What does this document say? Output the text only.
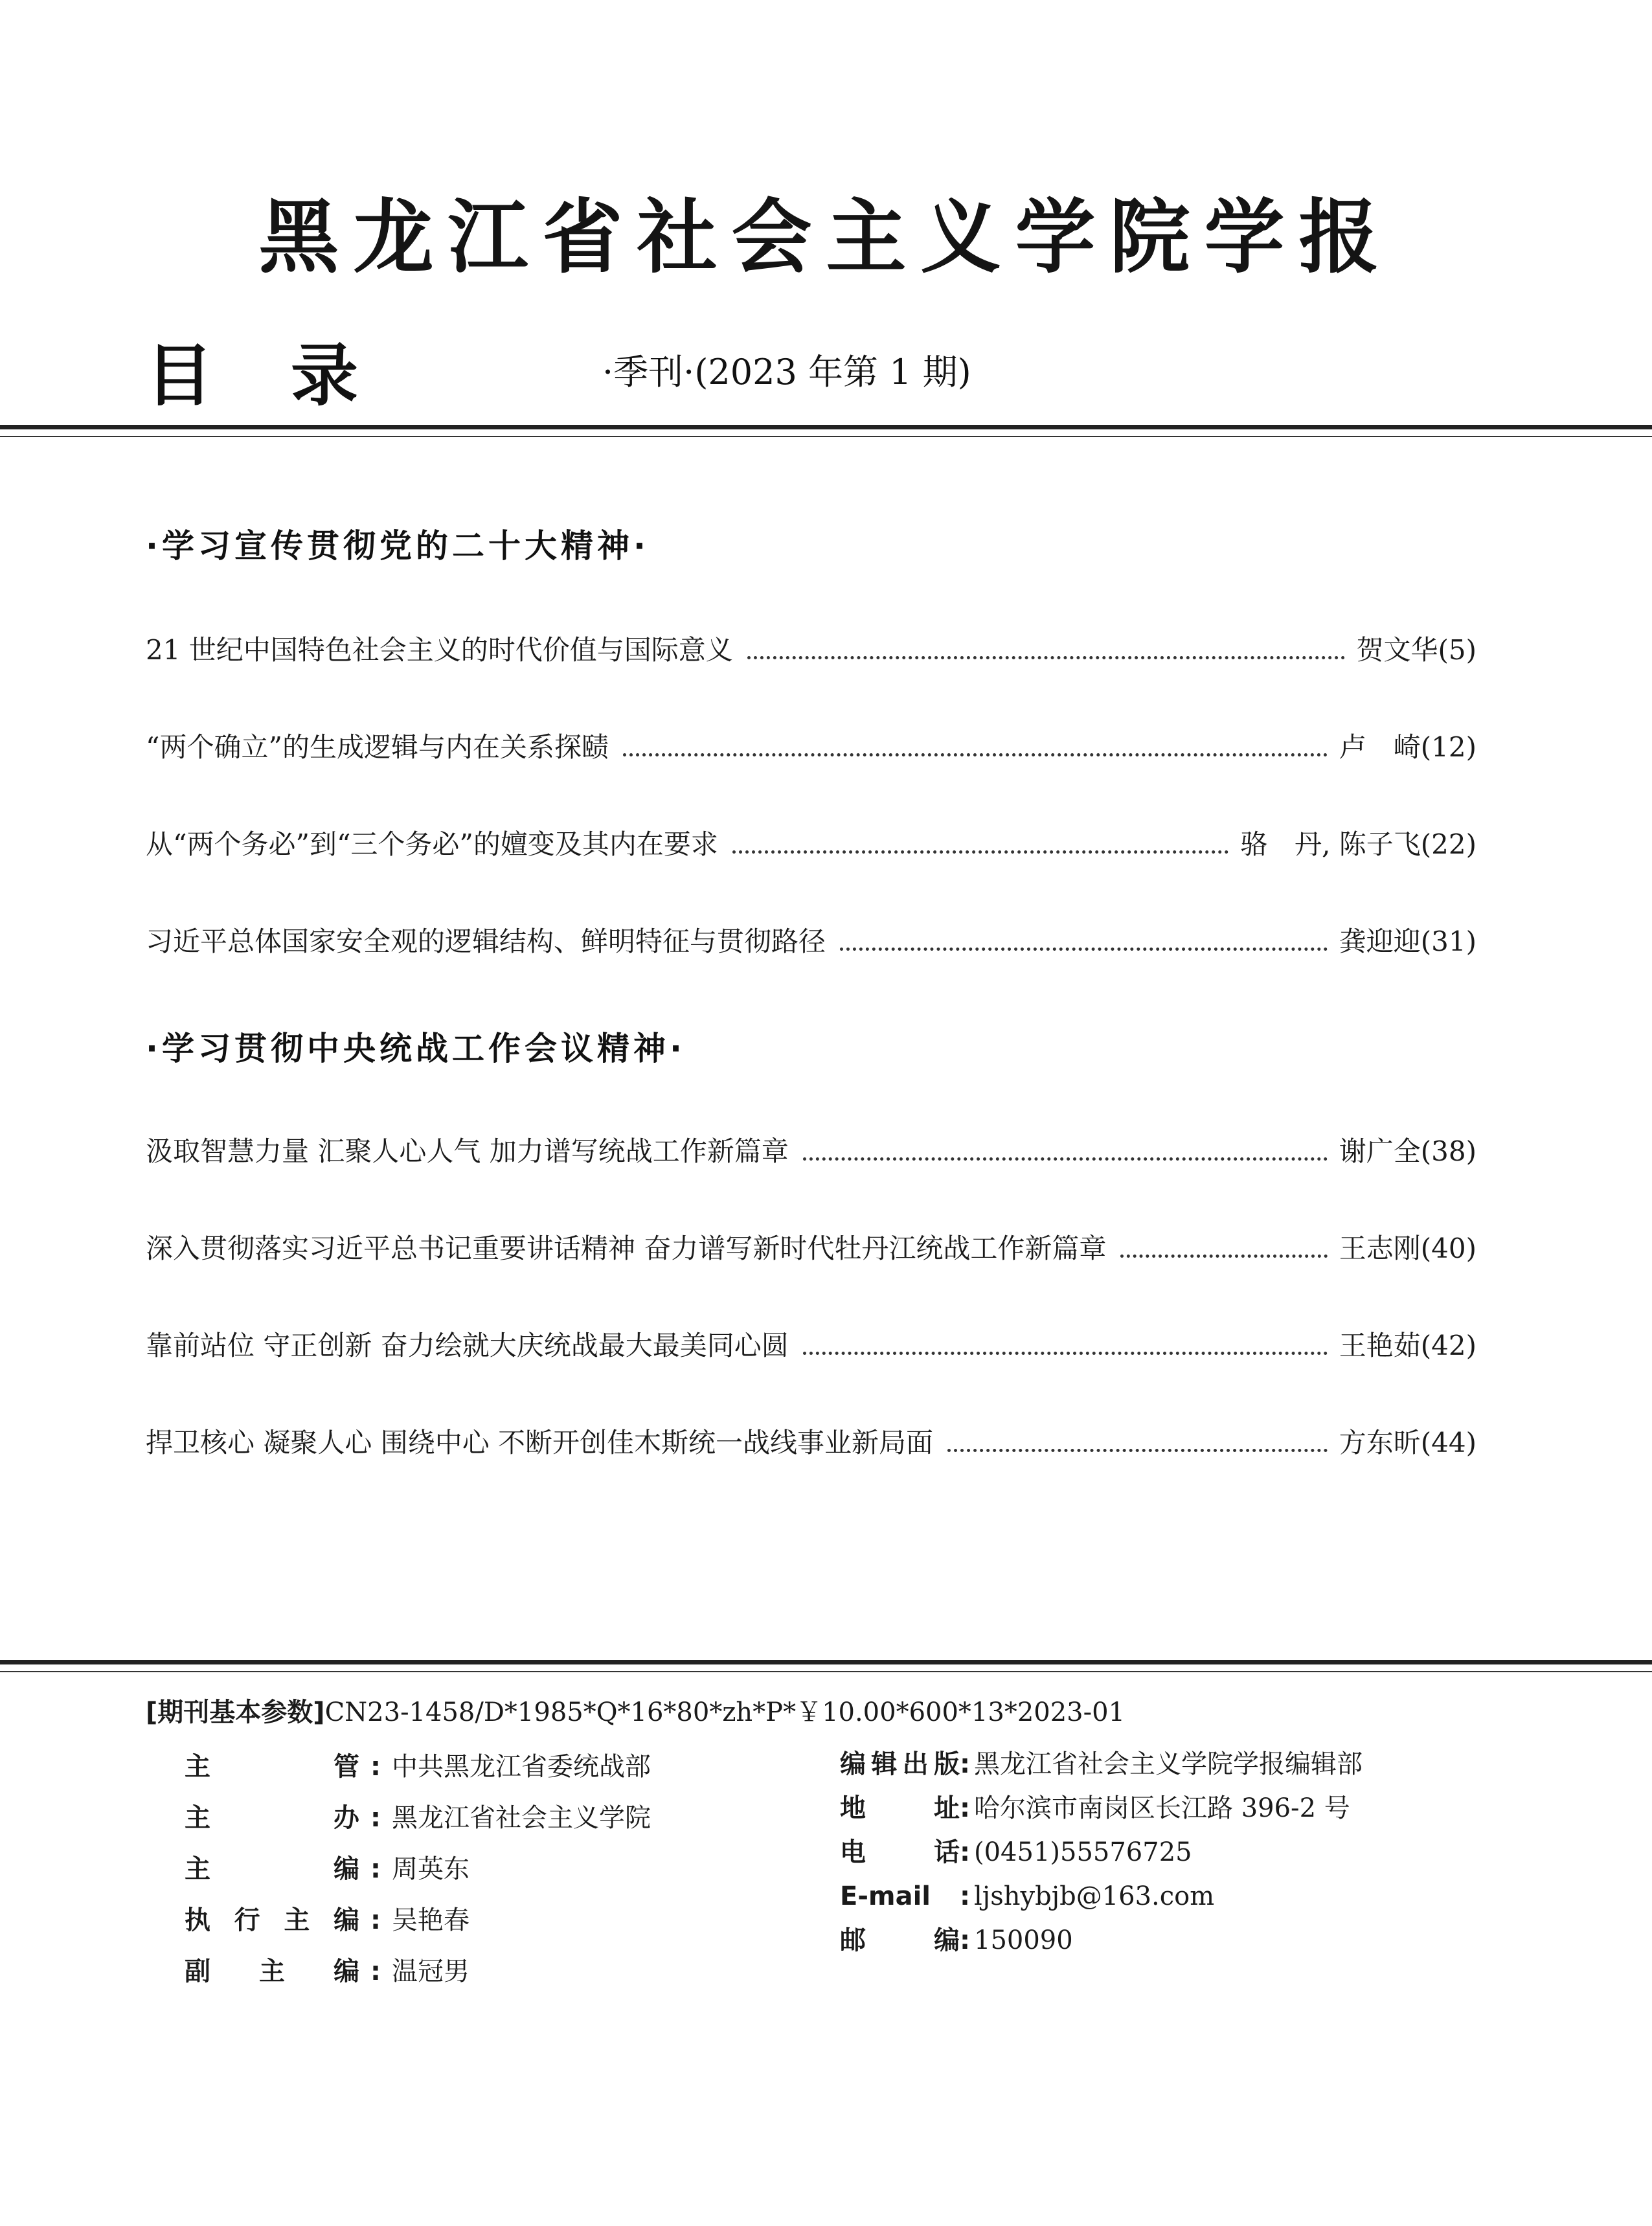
黑龙江省社会主义学院学报
目录	·季刊·(2023 年第 1 期)
·学习宣传贯彻党的二十大精神·
21 世纪中国特色社会主义的时代价值与国际意义	贺文华(5)
“两个确立”的生成逻辑与内在关系探赜	卢　崎(12)
从“两个务必”到“三个务必”的嬗变及其内在要求	骆　丹, 陈子飞(22)
习近平总体国家安全观的逻辑结构、鲜明特征与贯彻路径	龚迎迎(31)
·学习贯彻中央统战工作会议精神·
汲取智慧力量 汇聚人心人气 加力谱写统战工作新篇章	谢广全(38)
深入贯彻落实习近平总书记重要讲话精神 奋力谱写新时代牡丹江统战工作新篇章	王志刚(40)
靠前站位 守正创新 奋力绘就大庆统战最大最美同心圆	王艳茹(42)
捍卫核心 凝聚人心 围绕中心 不断开创佳木斯统一战线事业新局面	方东昕(44)
[期刊基本参数]CN23-1458/D*1985*Q*16*80*zh*P*￥10.00*600*13*2023-01
主管 : 中共黑龙江省委统战部
主办 : 黑龙江省社会主义学院
主编 : 周英东
执行主编 : 吴艳春
副主编 : 温冠男
编辑出版: 黑龙江省社会主义学院学报编辑部
地址: 哈尔滨市南岗区长江路 396-2 号
电话: (0451)55576725
E-mail : ljshybjb@163.com
邮编: 150090
